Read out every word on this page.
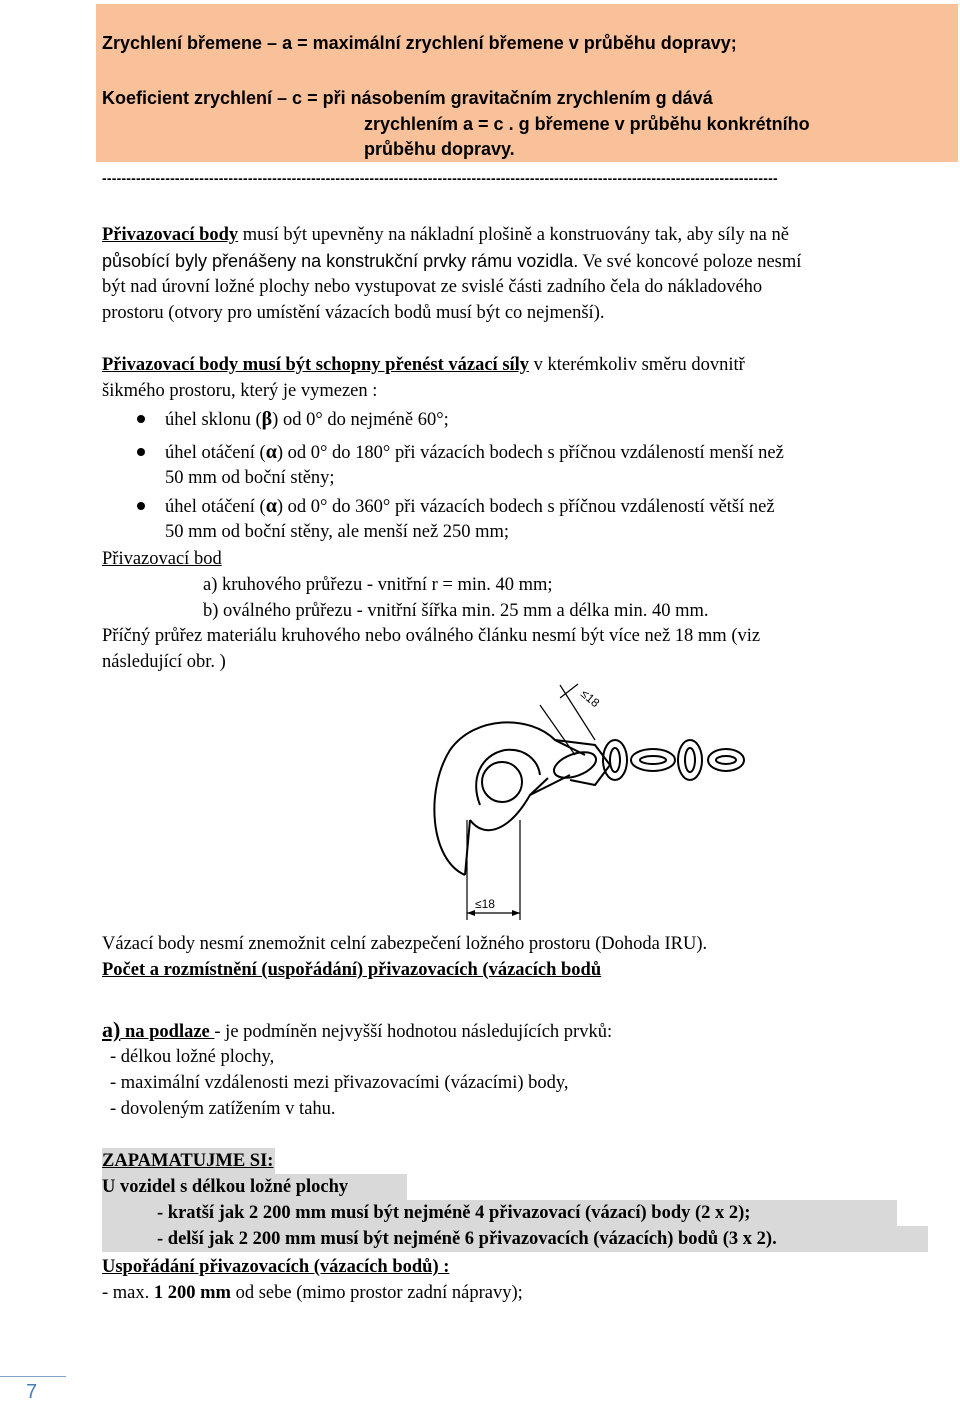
Zrychlení břemene – a = maximální zrychlení břemene v průběhu dopravy;
Koeficient zrychlení – c = při násobením gravitačním zrychlením g dává
zrychlením a = c . g břemene v průběhu konkrétního
průběhu dopravy.
-------------------------------------------------------------------------------------------------------------------------------------------
Přivazovací body musí být upevněny na nákladní plošině a konstruovány tak, aby síly na ně
působící byly přenášeny na konstrukční prvky rámu vozidla. Ve své koncové poloze nesmí
být nad úrovní ložné plochy nebo vystupovat ze svislé části zadního čela do nákladového
prostoru (otvory pro umístění vázacích bodů musí být co nejmenší).
Přivazovací body musí být schopny přenést vázací síly v kterémkoliv směru dovnitř
šikmého prostoru, který je vymezen :
úhel sklonu (β) od 0° do nejméně 60°;
úhel otáčení (α) od 0° do 180° při vázacích bodech s příčnou vzdáleností menší než
50 mm od boční stěny;
úhel otáčení (α) od 0° do 360° při vázacích bodech s příčnou vzdáleností větší než
50 mm od boční stěny, ale menší než 250 mm;
Přivazovací bod
a) kruhového průřezu - vnitřní r = min. 40 mm;
b) oválného průřezu - vnitřní šířka min. 25 mm a délka min. 40 mm.
Příčný průřez materiálu kruhového nebo oválného článku nesmí být více než 18 mm (viz
následující obr. )
≤18
≤18
Vázací body nesmí znemožnit celní zabezpečení ložného prostoru (Dohoda IRU).
Počet a rozmístnění (uspořádání) přivazovacích (vázacích bodů
a) na podlaze - je podmíněn nejvyšší hodnotou následujících prvků:
- délkou ložné plochy,
- maximální vzdálenosti mezi přivazovacími (vázacími) body,
- dovoleným zatížením v tahu.
ZAPAMATUJME SI:
U vozidel s délkou ložné plochy
- kratší jak 2 200 mm musí být nejméně 4 přivazovací (vázací) body (2 x 2);
- delší jak 2 200 mm musí být nejméně 6 přivazovacích (vázacích) bodů (3 x 2).
Uspořádání přivazovacích (vázacích bodů) :
- max. 1 200 mm od sebe (mimo prostor zadní nápravy);
7
